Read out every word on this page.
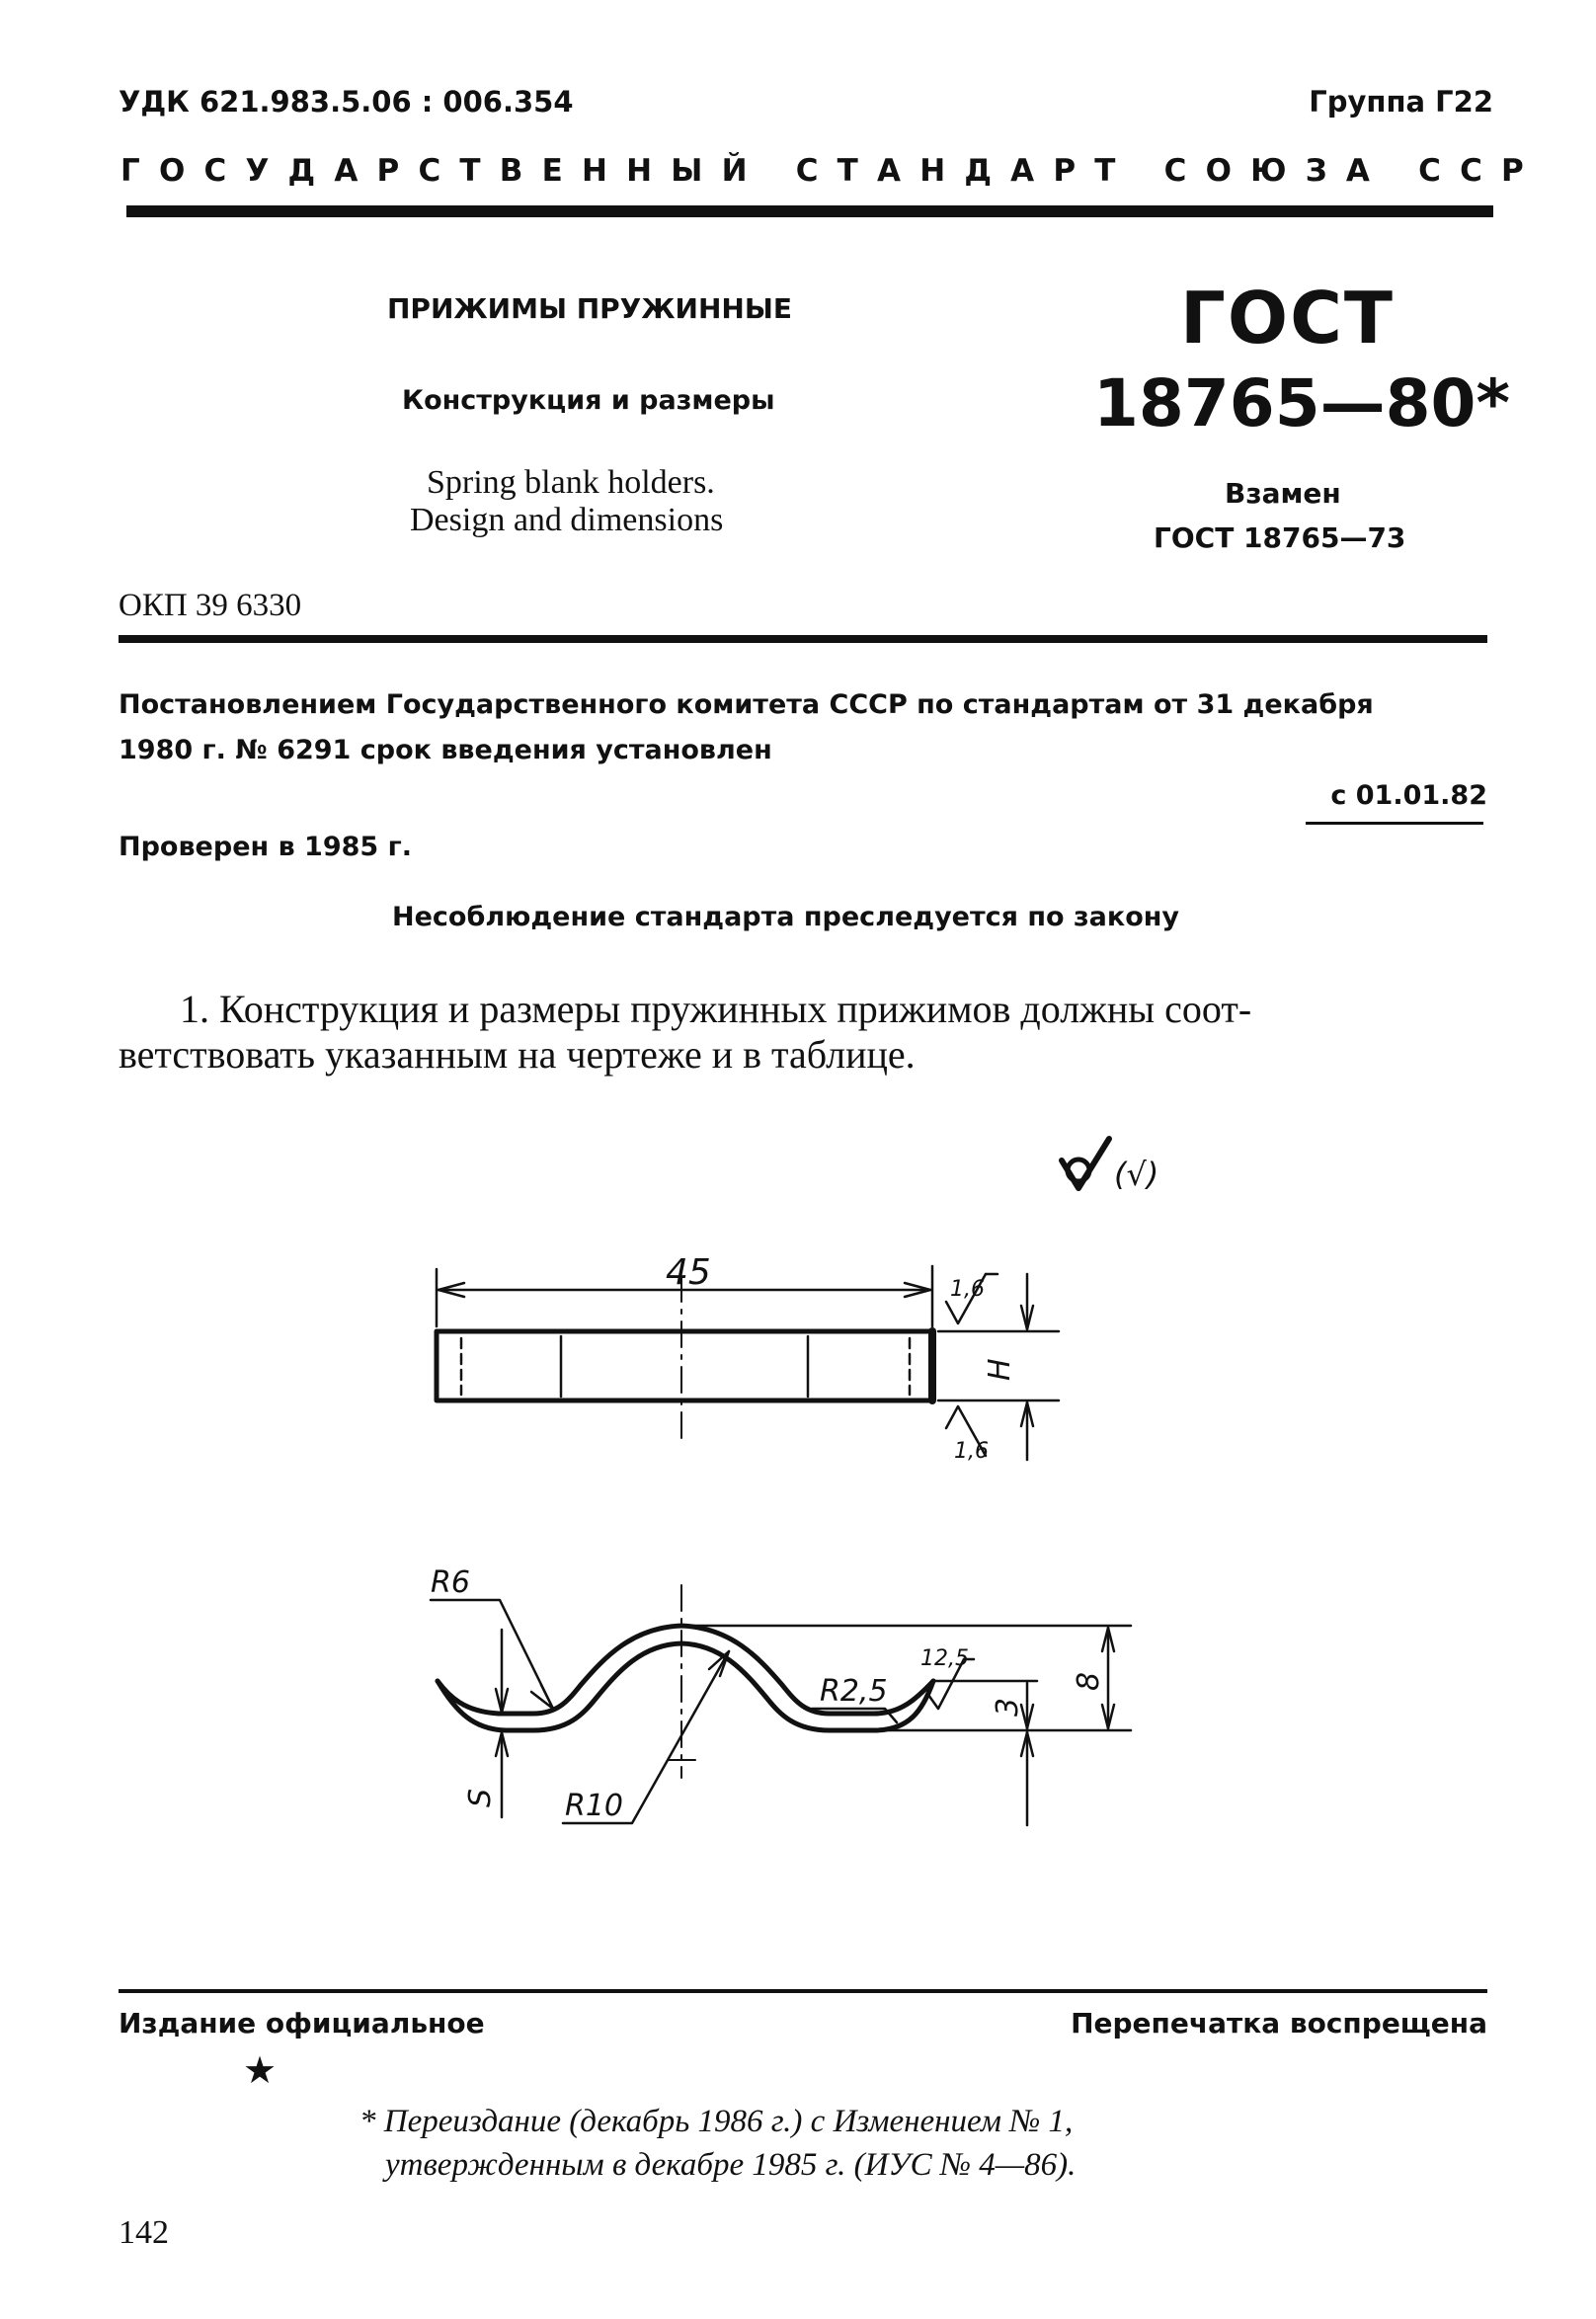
УДК 621.983.5.06 : 006.354	Группа Г22
ГОСУДАРСТВЕННЫЙ СТАНДАРТ СОЮЗА ССР
ПРИЖИМЫ ПРУЖИННЫЕ
Конструкция и размеры
Spring blank holders.
Design and dimensions
ГОСТ
18765—80*
Взамен
ГОСТ 18765—73
ОКП 39 6330
Постановлением Государственного комитета СССР по стандартам от 31 декабря
1980 г. № 6291 срок введения установлен
с 01.01.82
Проверен в 1985 г.
Несоблюдение стандарта преследуется по закону
1. Конструкция и размеры пружинных прижимов должны соот-
ветствовать указанным на чертеже и в таблице.
(√)
45	1,6
1,6
H
R6
R2,5
R10
12,5
8
3
S
Издание официальное	Перепечатка воспрещена
★
* Переиздание (декабрь 1986 г.) с Изменением № 1,
утвержденным в декабре 1985 г. (ИУС № 4—86).
142
